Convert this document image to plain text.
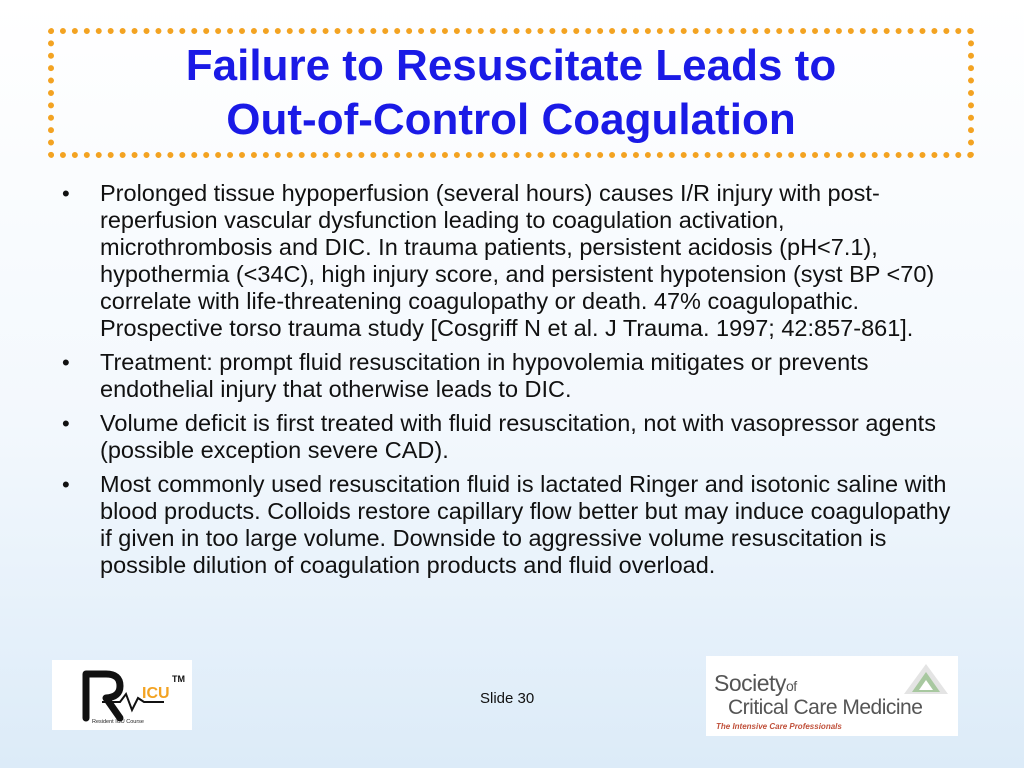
Failure to Resuscitate Leads to
Out-of-Control Coagulation
•	Prolonged tissue hypoperfusion (several hours) causes I/R injury with post-reperfusion vascular dysfunction leading to coagulation activation, microthrombosis and DIC. In trauma patients, persistent acidosis (pH<7.1), hypothermia (<34C), high injury score, and persistent hypotension (syst BP <70) correlate with life-threatening coagulopathy or death. 47% coagulopathic. Prospective torso trauma study [Cosgriff N et al. J Trauma. 1997; 42:857-861].
•	Treatment: prompt fluid resuscitation in hypovolemia mitigates or prevents endothelial injury that otherwise leads to DIC.
•	Volume deficit is first treated with fluid resuscitation, not with vasopressor agents (possible exception severe CAD).
•	Most commonly used resuscitation fluid is lactated Ringer and isotonic saline with blood products. Colloids restore capillary flow better but may induce coagulopathy if given in too large volume. Downside to aggressive volume resuscitation is possible dilution of coagulation products and fluid overload.
ICU
TM
Resident ICU Course
Slide 30
Societyof
Critical Care Medicine
The Intensive Care Professionals
